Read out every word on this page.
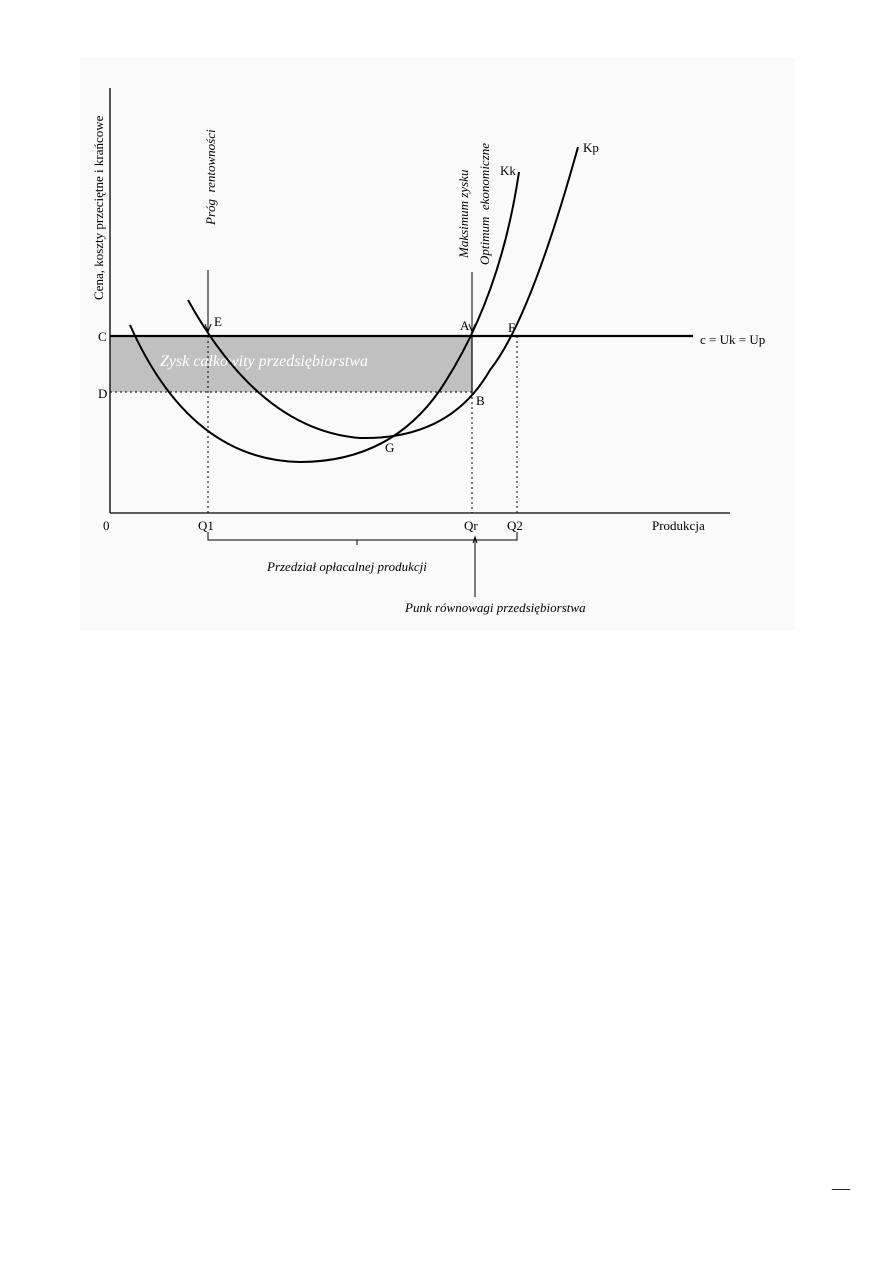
Zysk całkowity przedsiębiorstwa
Cena, koszty przeciętne i krańcowe
Produkcja
0
c = Uk = Up
C
D
Kk
Kp
E	A	F
B
G
Q1	Qr Q2
Próg  rentowności	Maksimum zysku Optimum  ekonomiczne
Przedział opłacalnej produkcji
Punk równowagi przedsiębiorstwa
—
